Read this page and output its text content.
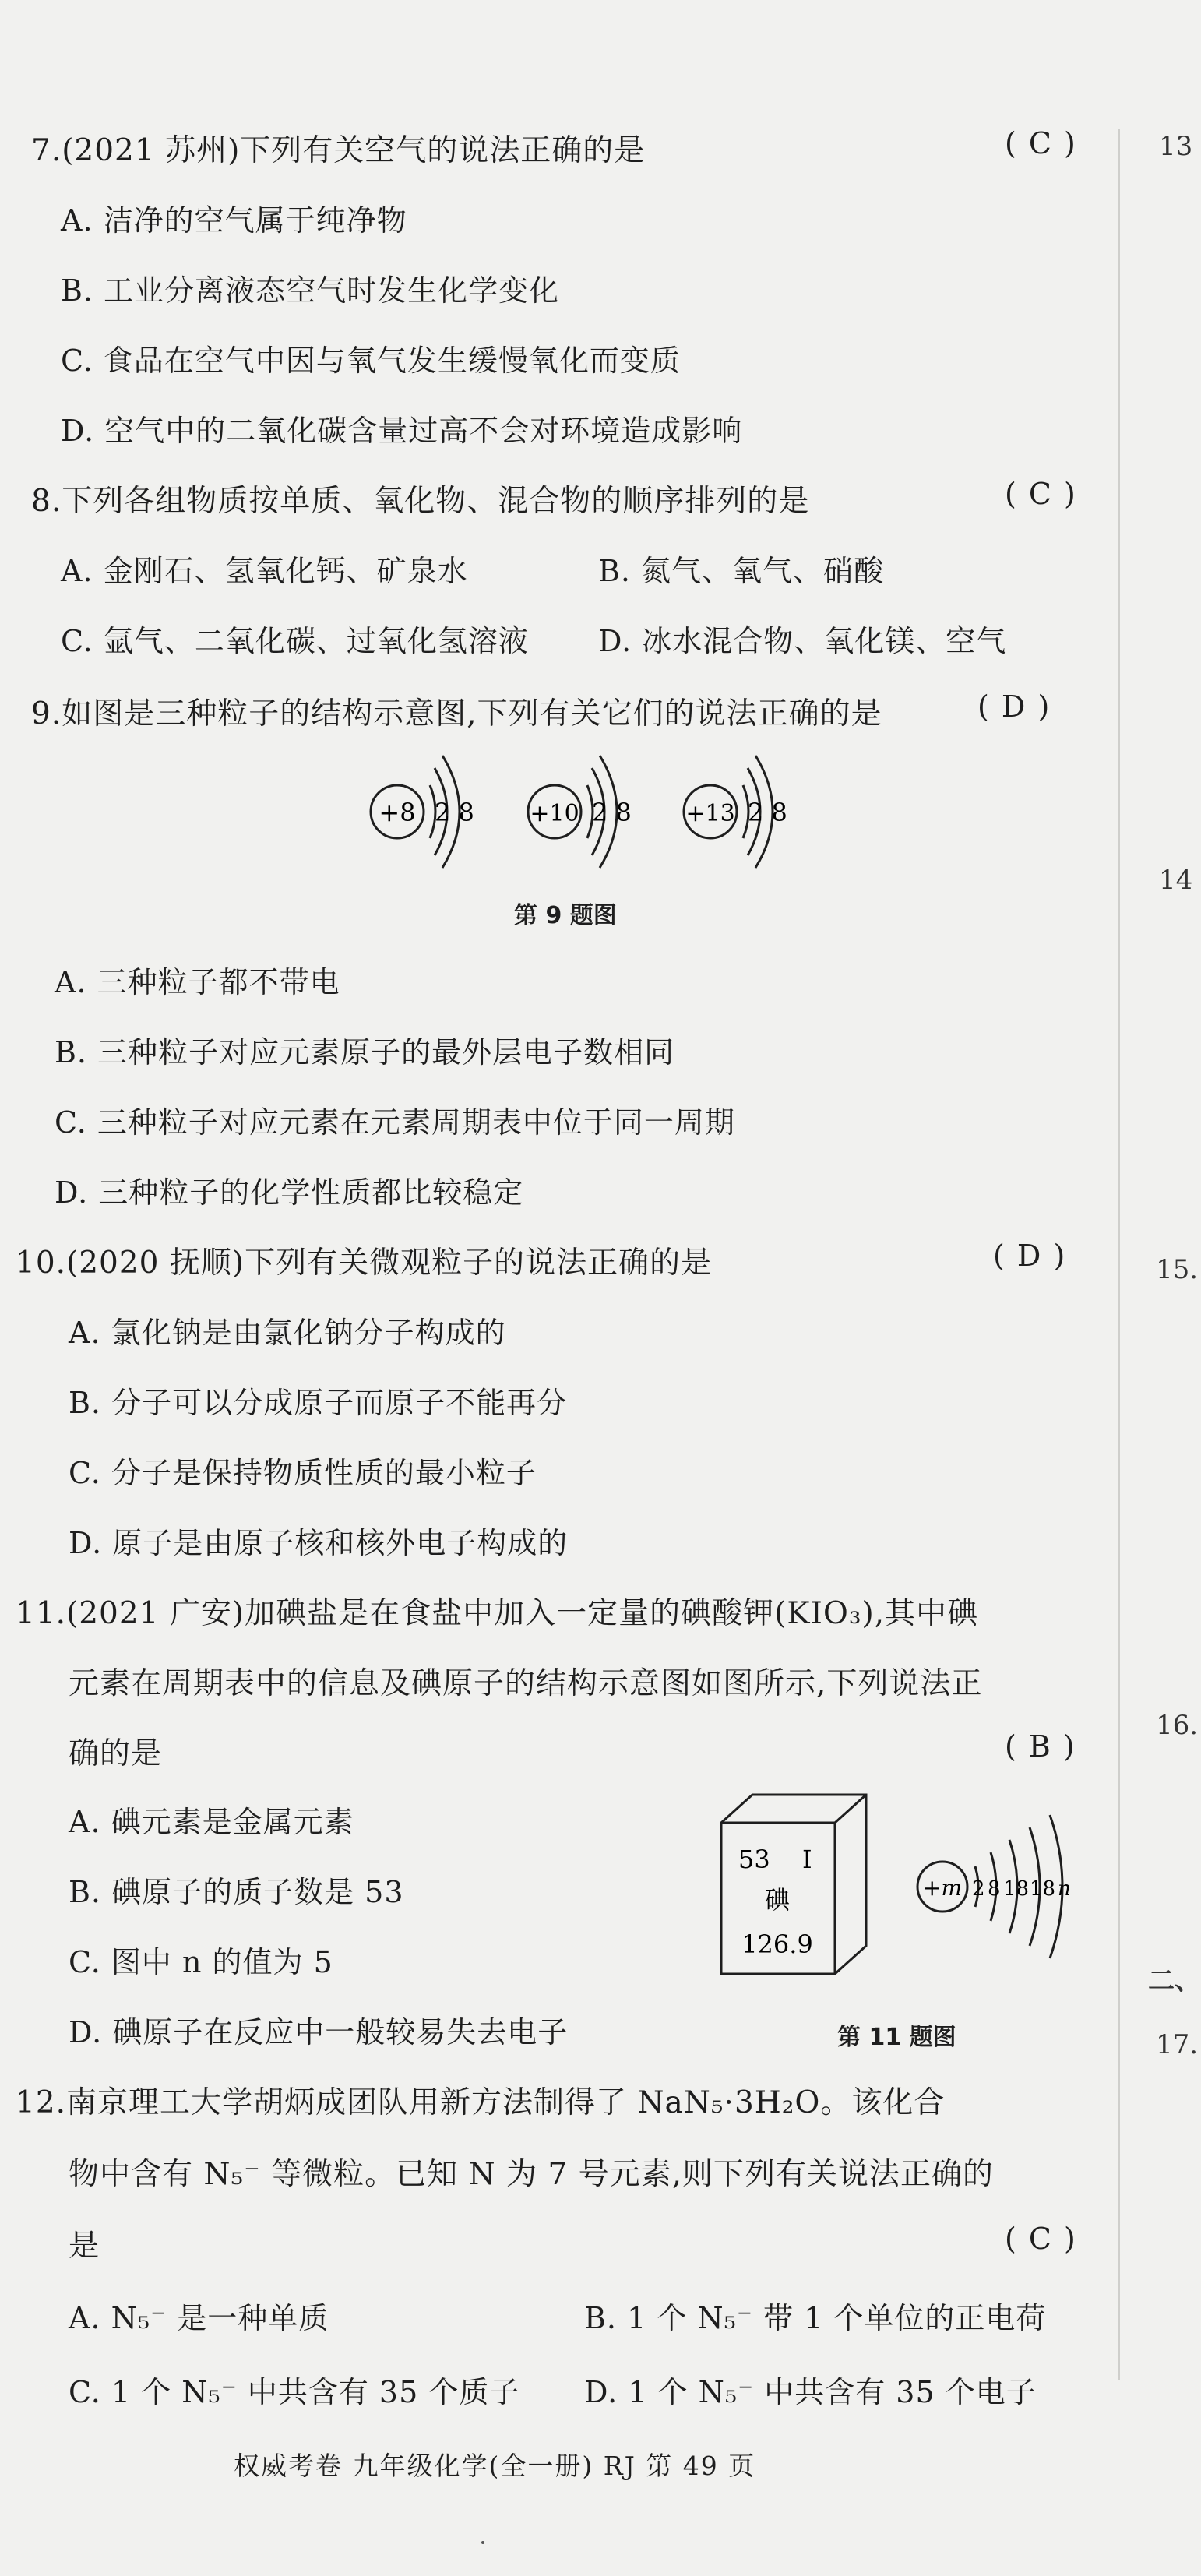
7.(2021 苏州)下列有关空气的说法正确的是	( C )
A. 洁净的空气属于纯净物
B. 工业分离液态空气时发生化学变化
C. 食品在空气中因与氧气发生缓慢氧化而变质
D. 空气中的二氧化碳含量过高不会对环境造成影响
8.下列各组物质按单质、氧化物、混合物的顺序排列的是	( C )
A. 金刚石、氢氧化钙、矿泉水	B. 氮气、氧气、硝酸
C. 氩气、二氧化碳、过氧化氢溶液 D. 冰水混合物、氧化镁、空气
9.如图是三种粒子的结构示意图,下列有关它们的说法正确的是	( D )
+8 2 8 +10 2 8 +13 2 8
第 9 题图
A. 三种粒子都不带电
B. 三种粒子对应元素原子的最外层电子数相同
C. 三种粒子对应元素在元素周期表中位于同一周期
D. 三种粒子的化学性质都比较稳定
10.(2020 抚顺)下列有关微观粒子的说法正确的是	( D )
A. 氯化钠是由氯化钠分子构成的
B. 分子可以分成原子而原子不能再分
C. 分子是保持物质性质的最小粒子
D. 原子是由原子核和核外电子构成的
11.(2021 广安)加碘盐是在食盐中加入一定量的碘酸钾(KIO₃),其中碘
元素在周期表中的信息及碘原子的结构示意图如图所示,下列说法正
确的是	( B )
A. 碘元素是金属元素
B. 碘原子的质子数是 53
C. 图中 n 的值为 5
D. 碘原子在反应中一般较易失去电子
53 I
碘
126.9
+m 2 8 18 18 n
第 11 题图
12.南京理工大学胡炳成团队用新方法制得了 NaN₅·3H₂O。该化合
物中含有 N₅⁻ 等微粒。已知 N 为 7 号元素,则下列有关说法正确的
是	( C )
A. N₅⁻ 是一种单质	B. 1 个 N₅⁻ 带 1 个单位的正电荷
C. 1 个 N₅⁻ 中共含有 35 个质子 D. 1 个 N₅⁻ 中共含有 35 个电子
13
14
15.
16.
二、
17.
权威考卷 九年级化学(全一册) RJ 第 49 页
